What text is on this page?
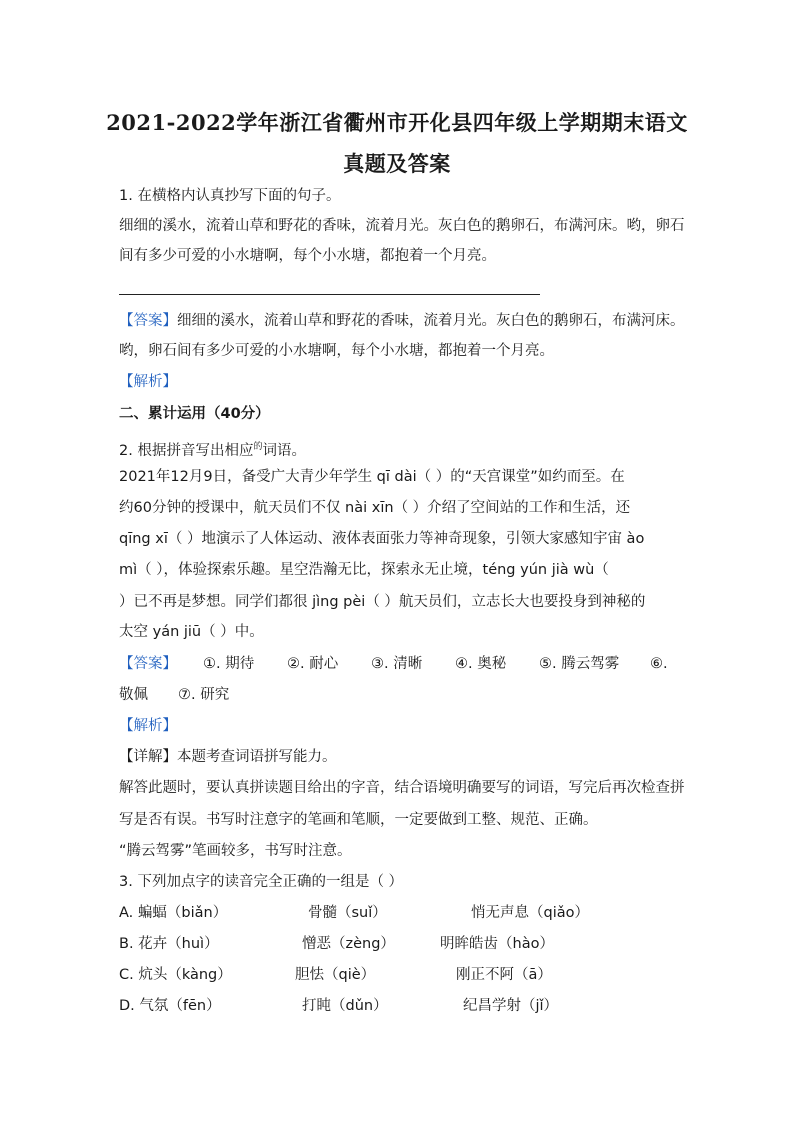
2021-2022学年浙江省衢州市开化县四年级上学期期末语文
真题及答案
1. 在横格内认真抄写下面的句子。
细细的溪水，流着山草和野花的香味，流着月光。灰白色的鹅卵石，布满河床。哟，卵石
间有多少可爱的小水塘啊，每个小水塘，都抱着一个月亮。
【答案】细细的溪水，流着山草和野花的香味，流着月光。灰白色的鹅卵石，布满河床。
哟，卵石间有多少可爱的小水塘啊，每个小水塘，都抱着一个月亮。
【解析】
二、累计运用（40分）
2. 根据拼音写出相应$^的$词语。
2021年12月9日，备受广大青少年学生 qī dài（ ）的“天宫课堂”如约而至。在
约60分钟的授课中，航天员们不仅 nài xīn（ ）介绍了空间站的工作和生活，还
qīng xī（ ）地演示了人体运动、液体表面张力等神奇现象，引领大家感知宇宙 ào
mì（ ），体验探索乐趣。星空浩瀚无比，探索永无止境，téng yún jià wù（
）已不再是梦想。同学们都很 jìng pèi（ ）航天员们，立志长大也要投身到神秘的
太空 yán jiū（ ）中。
【答案】 ①. 期待 ②. 耐心 ③. 清晰 ④. 奥秘 ⑤. 腾云驾雾 ⑥.
敬佩 ⑦. 研究
【解析】
【详解】本题考查词语拼写能力。
解答此题时，要认真拼读题目给出的字音，结合语境明确要写的词语，写完后再次检查拼
写是否有误。书写时注意字的笔画和笔顺，一定要做到工整、规范、正确。
“腾云驾雾”笔画较多，书写时注意。
3. 下列加点字的读音完全正确的一组是（ ）
A. 蝙蝠（biǎn）	骨髓（suǐ）	悄无声息（qiǎo）
B. 花卉（huì）	憎恶（zèng）	明眸皓齿（hào）
C. 炕头（kàng）	胆怯（qiè）	刚正不阿（ā）
D. 气氛（fēn）	打盹（dǔn）	纪昌学射（jǐ）
